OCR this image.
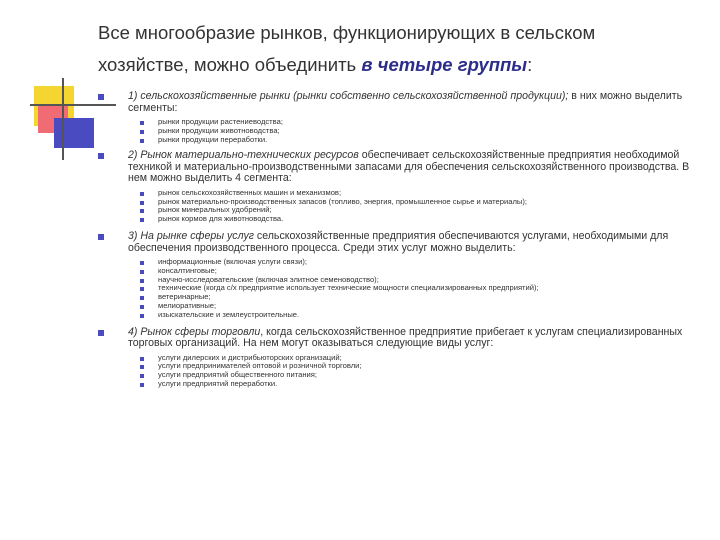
Все многообразие рынков, функционирующих в сельском
хозяйстве, можно объединить в четыре группы:
1) сельскохозяйственные рынки (рынки собственно сельскохозяйственной продукции); в них можно выделить сегменты:
рынки продукции растениеводства;
рынки продукции животноводства;
рынки продукции переработки.
2) Рынок материально-технических ресурсов обеспечивает сельскохозяйственные предприятия необходимой техникой и материально-производственными запасами для обеспечения сельскохозяйственного производства. В нем можно выделить 4 сегмента:
рынок сельскохозяйственных машин и механизмов;
рынок материально-производственных запасов (топливо, энергия, промышленное сырье и материалы);
рынок минеральных удобрений;
рынок кормов для животноводства.
3) На рынке сферы услуг сельскохозяйственные предприятия обеспечиваются услугами, необходимыми для обеспечения производственного процесса. Среди этих услуг можно выделить:
информационные (включая услуги связи);
консалтинговые;
научно-исследовательские (включая элитное семеноводство);
технические (когда с/х предприятие использует технические мощности специализированных предприятий);
ветеринарные;
мелиоративные;
изыскательские и землеустроительные.
4) Рынок сферы торговли, когда сельскохозяйственное предприятие прибегает к услугам специализированных торговых организаций. На нем могут оказываться следующие виды услуг:
услуги дилерских и дистрибьюторских организаций;
услуги предпринимателей оптовой и розничной торговли;
услуги предприятий общественного питания;
услуги предприятий переработки.
